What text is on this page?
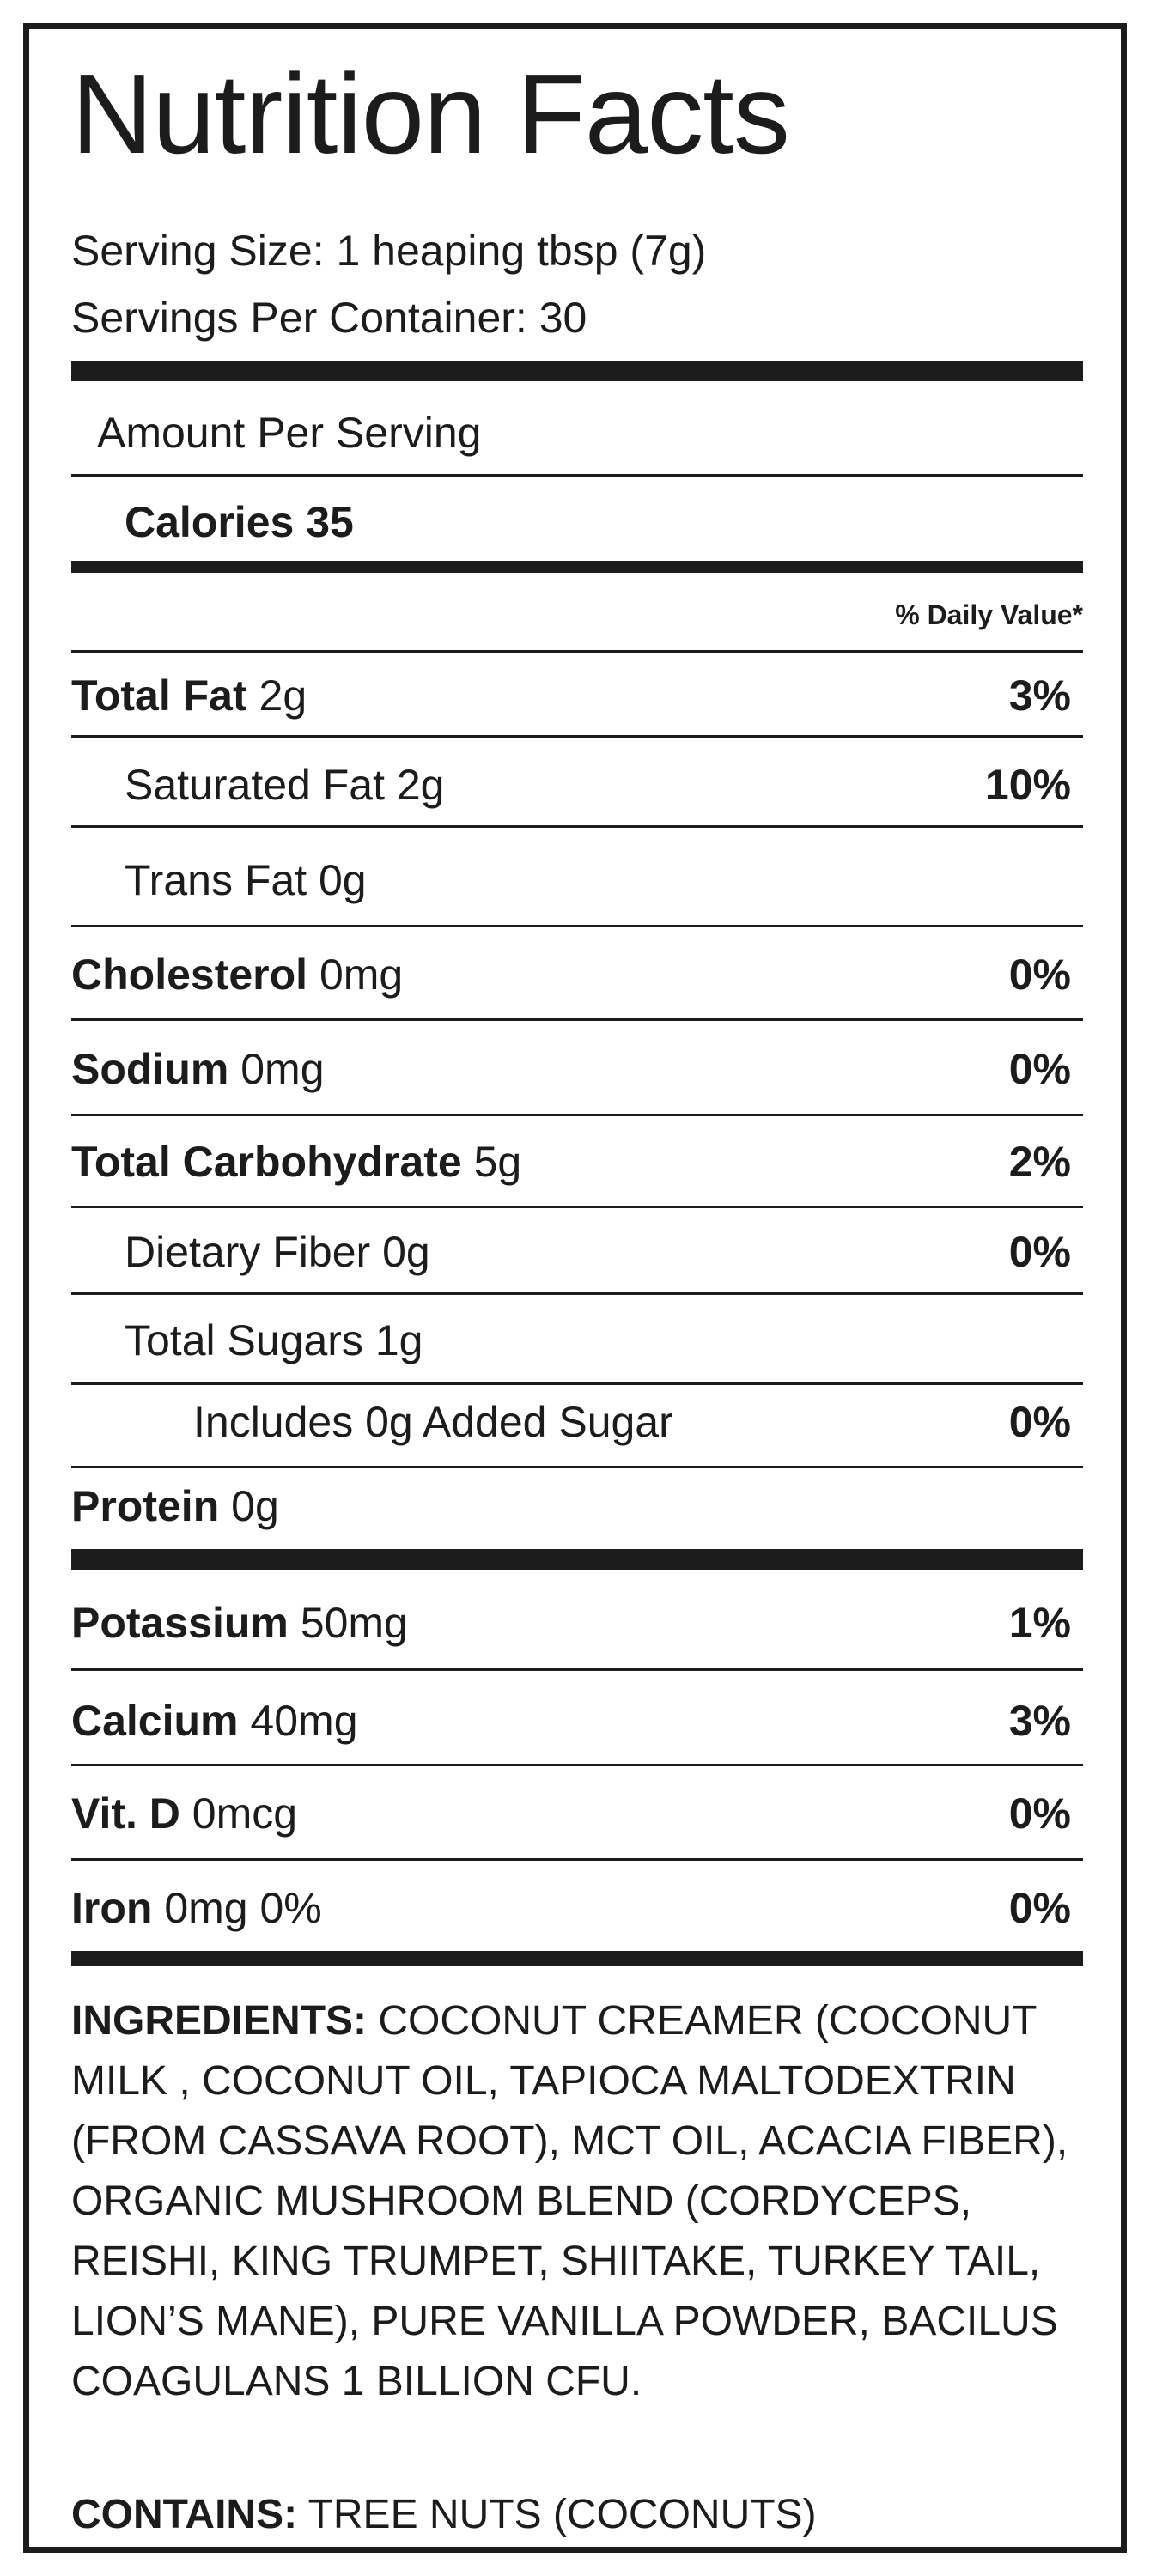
Nutrition Facts
Serving Size: 1 heaping tbsp (7g)
Servings Per Container: 30
Amount Per Serving
Calories 35
% Daily Value*
Total Fat 2g	3%
Saturated Fat 2g	10%
Trans Fat 0g
Cholesterol 0mg	0%
Sodium 0mg	0%
Total Carbohydrate 5g	2%
Dietary Fiber 0g	0%
Total Sugars 1g
Includes 0g Added Sugar	0%
Protein 0g
Potassium 50mg	1%
Calcium 40mg	3%
Vit. D 0mcg	0%
Iron 0mg 0%	0%
INGREDIENTS: COCONUT CREAMER (COCONUT MILK , COCONUT OIL, TAPIOCA MALTODEXTRIN (FROM CASSAVA ROOT), MCT OIL, ACACIA FIBER), ORGANIC MUSHROOM BLEND (CORDYCEPS, REISHI, KING TRUMPET, SHIITAKE, TURKEY TAIL, LION’S MANE), PURE VANILLA POWDER, BACILUS COAGULANS 1 BILLION CFU.
CONTAINS: TREE NUTS (COCONUTS)
